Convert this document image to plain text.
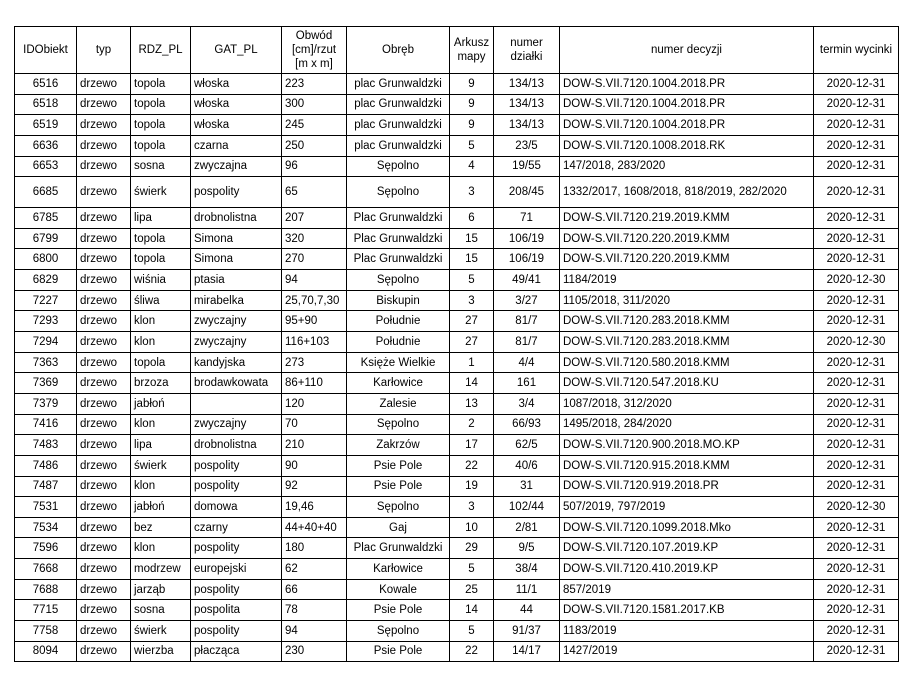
IDObiekt	typ	RDZ_PL	GAT_PL	Obwód [cm]/rzut [m x m]	Obręb	Arkusz mapy	numer działki	numer decyzji	termin wycinki
6516	drzewo	topola	włoska	223	plac Grunwaldzki	9	134/13	DOW-S.VII.7120.1004.2018.PR	2020-12-31
6518	drzewo	topola	włoska	300	plac Grunwaldzki	9	134/13	DOW-S.VII.7120.1004.2018.PR	2020-12-31
6519	drzewo	topola	włoska	245	plac Grunwaldzki	9	134/13	DOW-S.VII.7120.1004.2018.PR	2020-12-31
6636	drzewo	topola	czarna	250	plac Grunwaldzki	5	23/5	DOW-S.VII.7120.1008.2018.RK	2020-12-31
6653	drzewo	sosna	zwyczajna	96	Sępolno	4	19/55	147/2018, 283/2020	2020-12-31
6685	drzewo	świerk	pospolity	65	Sępolno	3	208/45	1332/2017, 1608/2018, 818/2019, 282/2020	2020-12-31
6785	drzewo	lipa	drobnolistna	207	Plac Grunwaldzki	6	71	DOW-S.VII.7120.219.2019.KMM	2020-12-31
6799	drzewo	topola	Simona	320	Plac Grunwaldzki	15	106/19	DOW-S.VII.7120.220.2019.KMM	2020-12-31
6800	drzewo	topola	Simona	270	Plac Grunwaldzki	15	106/19	DOW-S.VII.7120.220.2019.KMM	2020-12-31
6829	drzewo	wiśnia	ptasia	94	Sępolno	5	49/41	1184/2019	2020-12-30
7227	drzewo	śliwa	mirabelka	25,70,7,30	Biskupin	3	3/27	1105/2018, 311/2020	2020-12-31
7293	drzewo	klon	zwyczajny	95+90	Południe	27	81/7	DOW-S.VII.7120.283.2018.KMM	2020-12-31
7294	drzewo	klon	zwyczajny	116+103	Południe	27	81/7	DOW-S.VII.7120.283.2018.KMM	2020-12-30
7363	drzewo	topola	kandyjska	273	Księże Wielkie	1	4/4	DOW-S.VII.7120.580.2018.KMM	2020-12-31
7369	drzewo	brzoza	brodawkowata	86+110	Karłowice	14	161	DOW-S.VII.7120.547.2018.KU	2020-12-31
7379	drzewo	jabłoń		120	Zalesie	13	3/4	1087/2018, 312/2020	2020-12-31
7416	drzewo	klon	zwyczajny	70	Sępolno	2	66/93	1495/2018, 284/2020	2020-12-31
7483	drzewo	lipa	drobnolistna	210	Zakrzów	17	62/5	DOW-S.VII.7120.900.2018.MO.KP	2020-12-31
7486	drzewo	świerk	pospolity	90	Psie Pole	22	40/6	DOW-S.VII.7120.915.2018.KMM	2020-12-31
7487	drzewo	klon	pospolity	92	Psie Pole	19	31	DOW-S.VII.7120.919.2018.PR	2020-12-31
7531	drzewo	jabłoń	domowa	19,46	Sępolno	3	102/44	507/2019, 797/2019	2020-12-30
7534	drzewo	bez	czarny	44+40+40	Gaj	10	2/81	DOW-S.VII.7120.1099.2018.Mko	2020-12-31
7596	drzewo	klon	pospolity	180	Plac Grunwaldzki	29	9/5	DOW-S.VII.7120.107.2019.KP	2020-12-31
7668	drzewo	modrzew	europejski	62	Karłowice	5	38/4	DOW-S.VII.7120.410.2019.KP	2020-12-31
7688	drzewo	jarząb	pospolity	66	Kowale	25	11/1	857/2019	2020-12-31
7715	drzewo	sosna	pospolita	78	Psie Pole	14	44	DOW-S.VII.7120.1581.2017.KB	2020-12-31
7758	drzewo	świerk	pospolity	94	Sępolno	5	91/37	1183/2019	2020-12-31
8094	drzewo	wierzba	płacząca	230	Psie Pole	22	14/17	1427/2019	2020-12-31
